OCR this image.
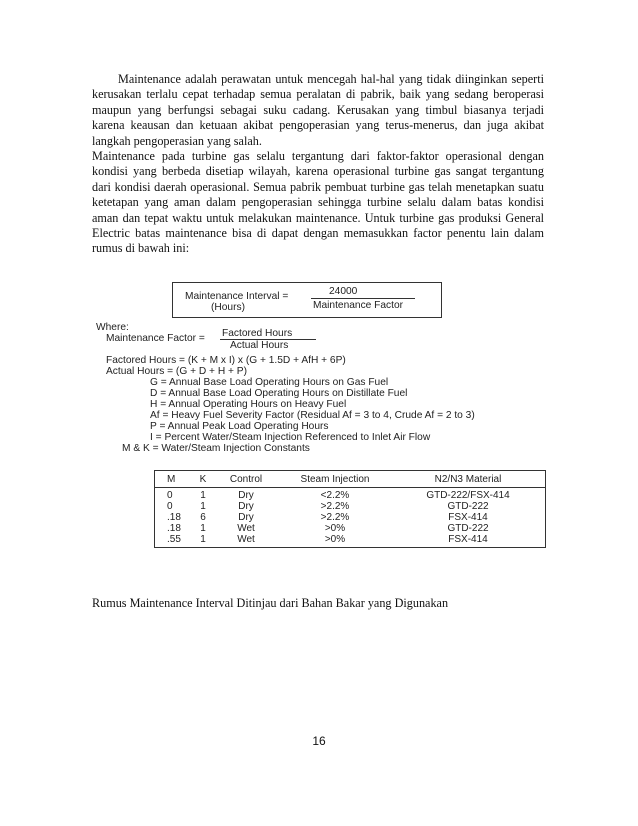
Maintenance adalah perawatan untuk mencegah hal-hal yang tidak diinginkan seperti kerusakan terlalu cepat terhadap semua peralatan di pabrik, baik yang sedang beroperasi maupun yang berfungsi sebagai suku cadang. Kerusakan yang timbul biasanya terjadi karena keausan dan ketuaan akibat pengoperasian yang terus-menerus, dan juga akibat langkah pengoperasian yang salah.

Maintenance pada turbine gas selalu tergantung dari faktor-faktor operasional dengan kondisi yang berbeda disetiap wilayah, karena operasional turbine gas sangat tergantung dari kondisi daerah operasional. Semua pabrik pembuat turbine gas telah menetapkan suatu ketetapan yang aman dalam pengoperasian sehingga turbine selalu dalam batas kondisi aman dan tepat waktu untuk melakukan maintenance. Untuk turbine gas produksi General Electric batas maintenance bisa di dapat dengan memasukkan factor penentu lain dalam rumus di bawah ini:

Maintenance Interval =
(Hours)
24000
Maintenance Factor
Where:
Maintenance Factor = Factored Hours
Actual Hours
Factored Hours = (K + M x I) x (G + 1.5D + AfH + 6P)
Actual Hours = (G + D + H + P)
G = Annual Base Load Operating Hours on Gas Fuel
D = Annual Base Load Operating Hours on Distillate Fuel
H = Annual Operating Hours on Heavy Fuel
Af = Heavy Fuel Severity Factor (Residual Af = 3 to 4, Crude Af = 2 to 3)
P = Annual Peak Load Operating Hours
I = Percent Water/Steam Injection Referenced to Inlet Air Flow
M & K = Water/Steam Injection Constants
M	K	Control	Steam Injection	N2/N3 Material
0	1	Dry	<2.2%	GTD-222/FSX-414
0	1	Dry	>2.2%	GTD-222
.18	6	Dry	>2.2%	FSX-414
.18	1	Wet	>0%	GTD-222
.55	1	Wet	>0%	FSX-414

Rumus Maintenance Interval Ditinjau dari Bahan Bakar yang Digunakan

16
